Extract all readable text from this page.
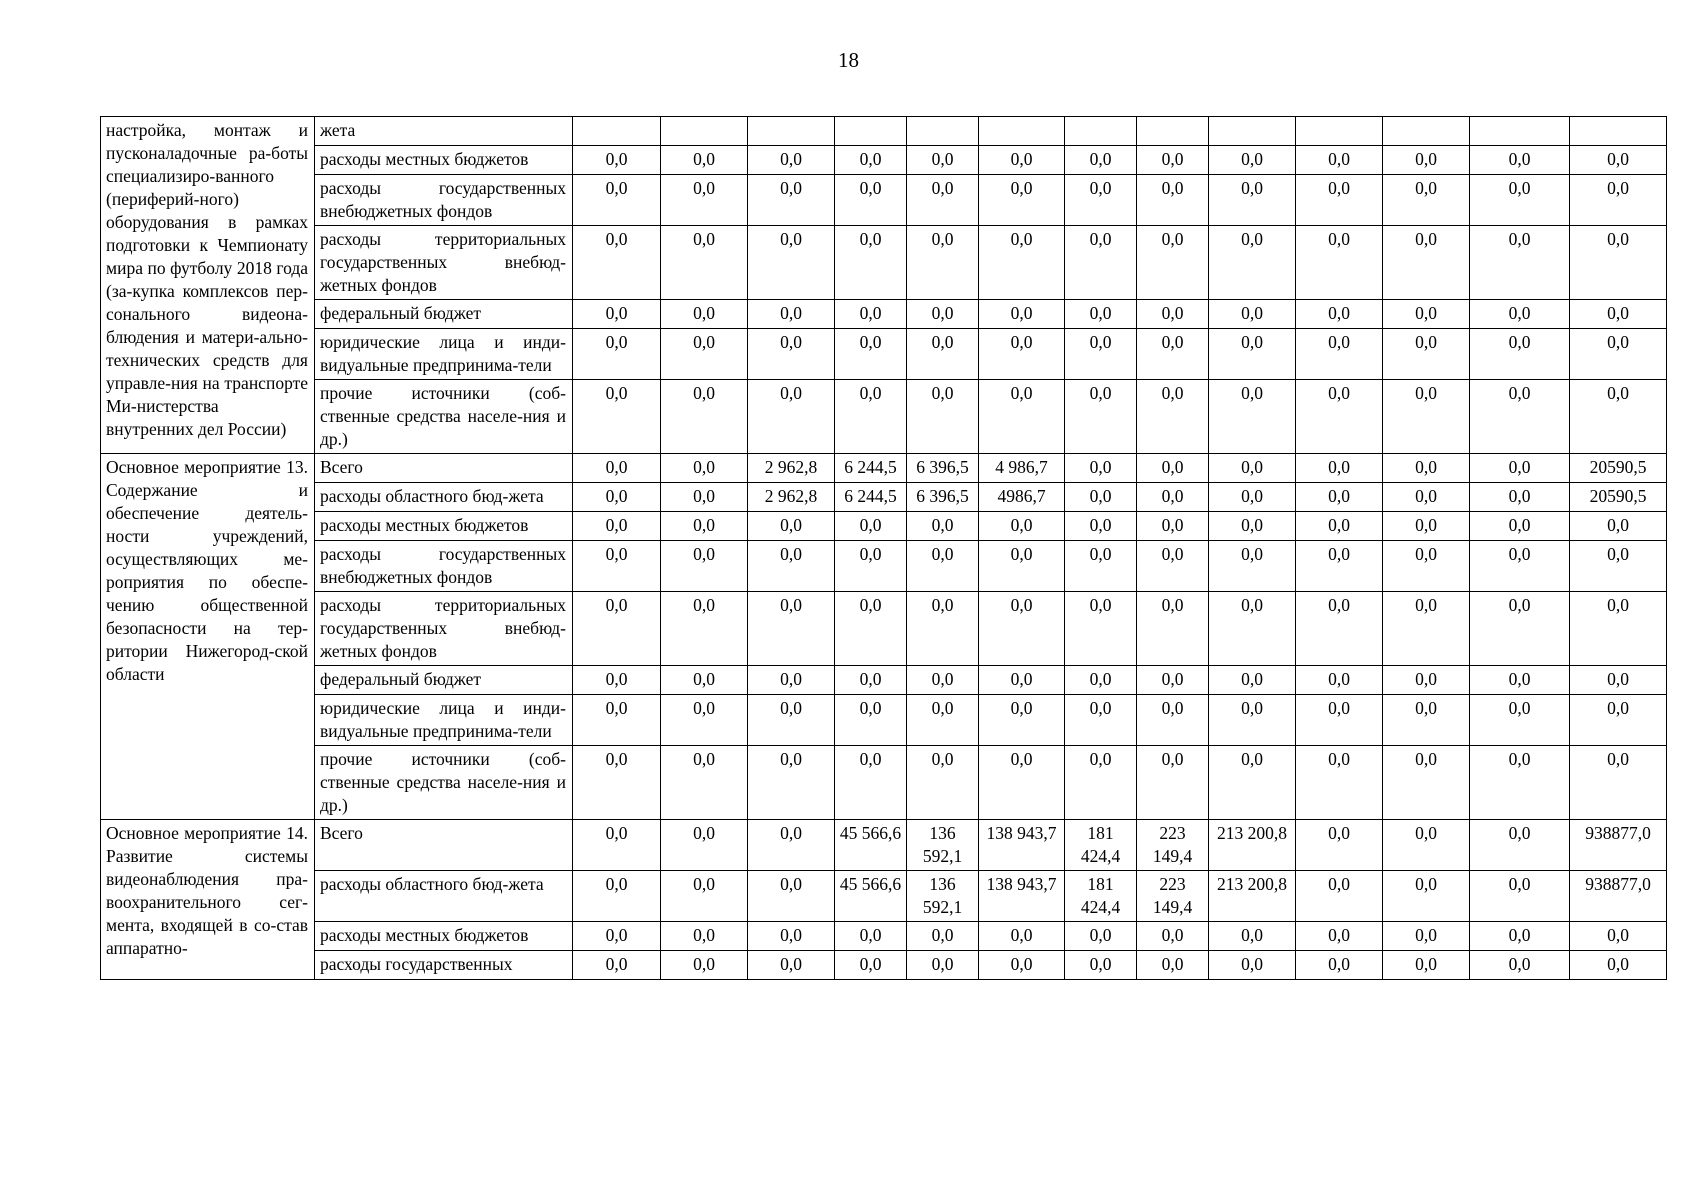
18
настройка, монтаж и пусконаладочные ра-боты специализиро-ванного (периферий-ного) оборудования в рамках подготовки к Чемпионату мира по футболу 2018 года (за-купка комплексов пер-сонального видеона-блюдения и матери-ально-технических средств для управле-ния на транспорте Ми-нистерства внутренних дел России)	жета													
	расходы местных бюджетов	0,0	0,0	0,0	0,0	0,0	0,0	0,0	0,0	0,0	0,0	0,0	0,0	0,0
	расходы государственных внебюджетных фондов	0,0	0,0	0,0	0,0	0,0	0,0	0,0	0,0	0,0	0,0	0,0	0,0	0,0
	расходы территориальных государственных внебюд-жетных фондов	0,0	0,0	0,0	0,0	0,0	0,0	0,0	0,0	0,0	0,0	0,0	0,0	0,0
	федеральный бюджет	0,0	0,0	0,0	0,0	0,0	0,0	0,0	0,0	0,0	0,0	0,0	0,0	0,0
	юридические лица и инди-видуальные предпринима-тели	0,0	0,0	0,0	0,0	0,0	0,0	0,0	0,0	0,0	0,0	0,0	0,0	0,0
	прочие источники (соб-ственные средства населе-ния и др.)	0,0	0,0	0,0	0,0	0,0	0,0	0,0	0,0	0,0	0,0	0,0	0,0	0,0
Основное мероприятие 13. Содержание и обеспечение деятель-ности учреждений, осуществляющих ме-роприятия по обеспе-чению общественной безопасности на тер-ритории Нижегород-ской области	Всего	0,0	0,0	2 962,8	6 244,5	6 396,5	4 986,7	0,0	0,0	0,0	0,0	0,0	0,0	20590,5
	расходы областного бюд-жета	0,0	0,0	2 962,8	6 244,5	6 396,5	4986,7	0,0	0,0	0,0	0,0	0,0	0,0	20590,5
	расходы местных бюджетов	0,0	0,0	0,0	0,0	0,0	0,0	0,0	0,0	0,0	0,0	0,0	0,0	0,0
	расходы государственных внебюджетных фондов	0,0	0,0	0,0	0,0	0,0	0,0	0,0	0,0	0,0	0,0	0,0	0,0	0,0
	расходы территориальных государственных внебюд-жетных фондов	0,0	0,0	0,0	0,0	0,0	0,0	0,0	0,0	0,0	0,0	0,0	0,0	0,0
	федеральный бюджет	0,0	0,0	0,0	0,0	0,0	0,0	0,0	0,0	0,0	0,0	0,0	0,0	0,0
	юридические лица и инди-видуальные предпринима-тели	0,0	0,0	0,0	0,0	0,0	0,0	0,0	0,0	0,0	0,0	0,0	0,0	0,0
	прочие источники (соб-ственные средства населе-ния и др.)	0,0	0,0	0,0	0,0	0,0	0,0	0,0	0,0	0,0	0,0	0,0	0,0	0,0
Основное мероприятие 14. Развитие системы видеонаблюдения пра-воохранительного сег-мента, входящей в со-став аппаратно-	Всего	0,0	0,0	0,0	45 566,6	136 592,1	138 943,7	181 424,4	223 149,4	213 200,8	0,0	0,0	0,0	938877,0
	расходы областного бюд-жета	0,0	0,0	0,0	45 566,6	136 592,1	138 943,7	181 424,4	223 149,4	213 200,8	0,0	0,0	0,0	938877,0
	расходы местных бюджетов	0,0	0,0	0,0	0,0	0,0	0,0	0,0	0,0	0,0	0,0	0,0	0,0	0,0
	расходы государственных	0,0	0,0	0,0	0,0	0,0	0,0	0,0	0,0	0,0	0,0	0,0	0,0	0,0
